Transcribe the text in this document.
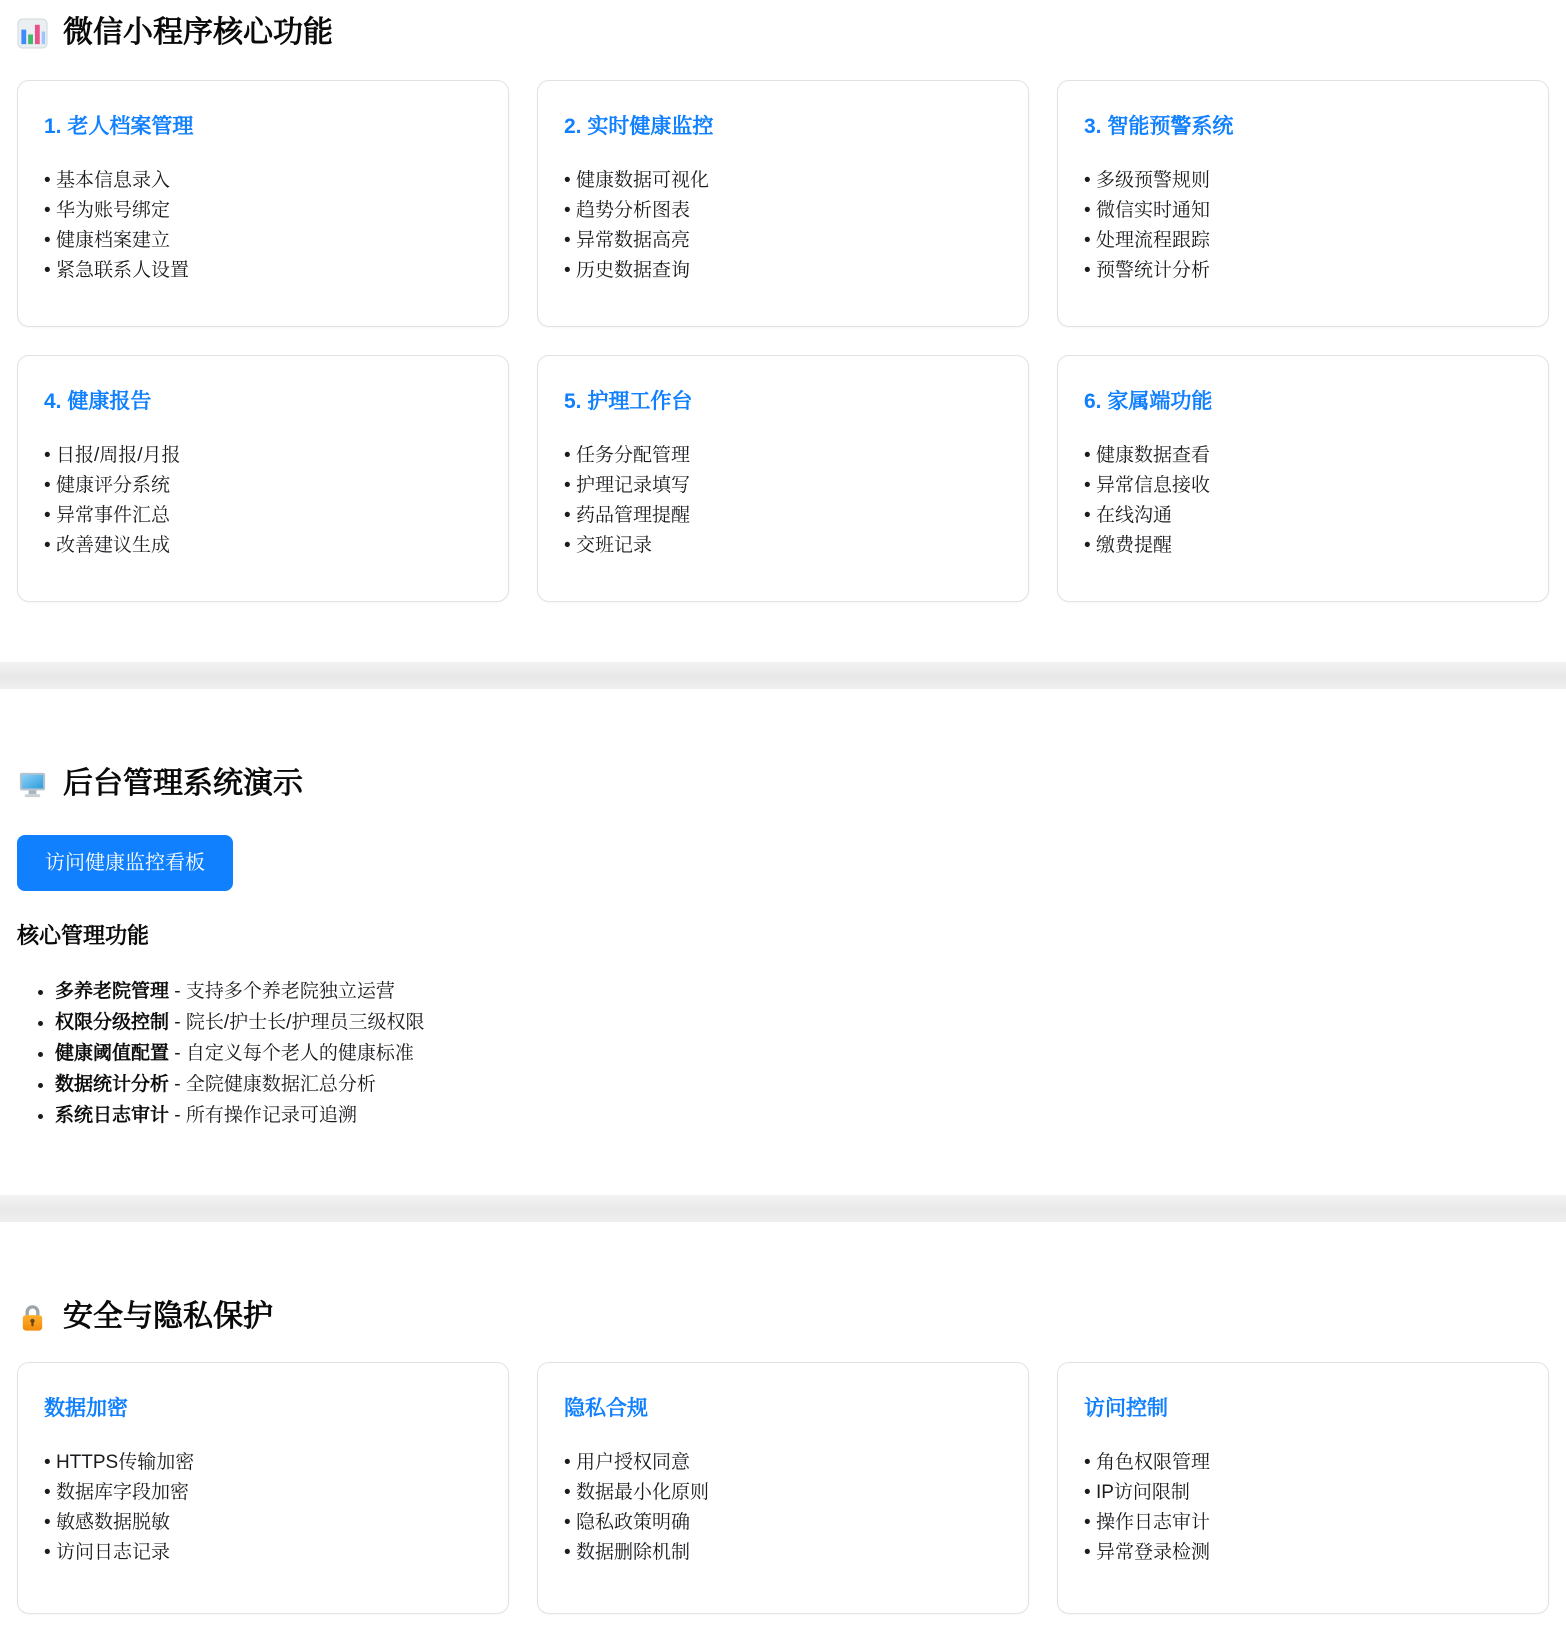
微信小程序核心功能
1. 老人档案管理
• 基本信息录入
• 华为账号绑定
• 健康档案建立
• 紧急联系人设置
2. 实时健康监控
• 健康数据可视化
• 趋势分析图表
• 异常数据高亮
• 历史数据查询
3. 智能预警系统
• 多级预警规则
• 微信实时通知
• 处理流程跟踪
• 预警统计分析
4. 健康报告
• 日报/周报/月报
• 健康评分系统
• 异常事件汇总
• 改善建议生成
5. 护理工作台
• 任务分配管理
• 护理记录填写
• 药品管理提醒
• 交班记录
6. 家属端功能
• 健康数据查看
• 异常信息接收
• 在线沟通
• 缴费提醒
后台管理系统演示
访问健康监控看板
核心管理功能
• 多养老院管理 - 支持多个养老院独立运营
• 权限分级控制 - 院长/护士长/护理员三级权限
• 健康阈值配置 - 自定义每个老人的健康标准
• 数据统计分析 - 全院健康数据汇总分析
• 系统日志审计 - 所有操作记录可追溯
安全与隐私保护
数据加密
• HTTPS传输加密
• 数据库字段加密
• 敏感数据脱敏
• 访问日志记录
隐私合规
• 用户授权同意
• 数据最小化原则
• 隐私政策明确
• 数据删除机制
访问控制
• 角色权限管理
• IP访问限制
• 操作日志审计
• 异常登录检测
